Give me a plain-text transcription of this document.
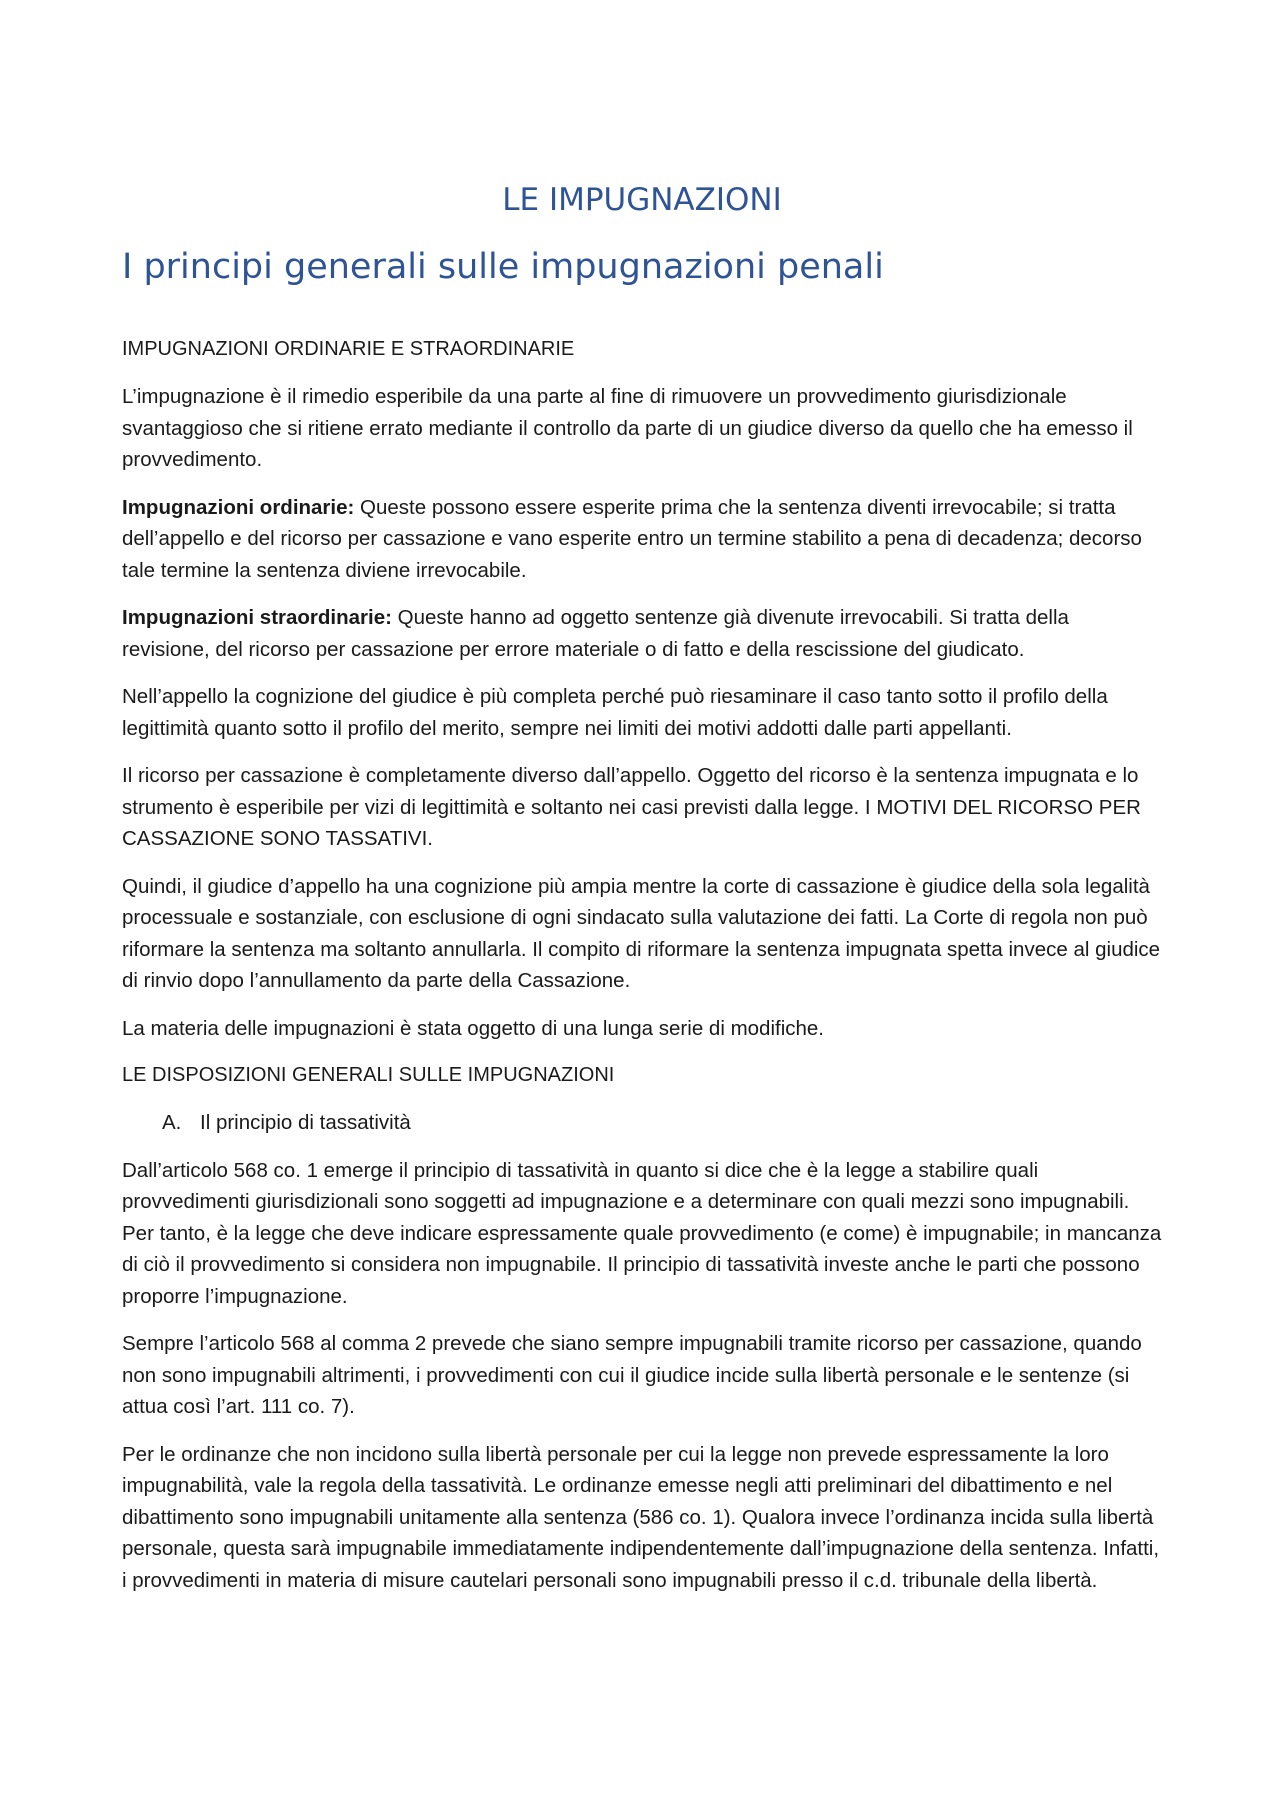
LE IMPUGNAZIONI
I principi generali sulle impugnazioni penali
IMPUGNAZIONI ORDINARIE E STRAORDINARIE

L’impugnazione è il rimedio esperibile da una parte al fine di rimuovere un provvedimento giurisdizionale svantaggioso che si ritiene errato mediante il controllo da parte di un giudice diverso da quello che ha emesso il provvedimento.

Impugnazioni ordinarie: Queste possono essere esperite prima che la sentenza diventi irrevocabile; si tratta dell’appello e del ricorso per cassazione e vano esperite entro un termine stabilito a pena di decadenza; decorso tale termine la sentenza diviene irrevocabile.

Impugnazioni straordinarie: Queste hanno ad oggetto sentenze già divenute irrevocabili. Si tratta della revisione, del ricorso per cassazione per errore materiale o di fatto e della rescissione del giudicato.

Nell’appello la cognizione del giudice è più completa perché può riesaminare il caso tanto sotto il profilo della legittimità quanto sotto il profilo del merito, sempre nei limiti dei motivi addotti dalle parti appellanti.

Il ricorso per cassazione è completamente diverso dall’appello. Oggetto del ricorso è la sentenza impugnata e lo strumento è esperibile per vizi di legittimità e soltanto nei casi previsti dalla legge. I MOTIVI DEL RICORSO PER CASSAZIONE SONO TASSATIVI.

Quindi, il giudice d’appello ha una cognizione più ampia mentre la corte di cassazione è giudice della sola legalità processuale e sostanziale, con esclusione di ogni sindacato sulla valutazione dei fatti. La Corte di regola non può riformare la sentenza ma soltanto annullarla. Il compito di riformare la sentenza impugnata spetta invece al giudice di rinvio dopo l’annullamento da parte della Cassazione.

La materia delle impugnazioni è stata oggetto di una lunga serie di modifiche.

LE DISPOSIZIONI GENERALI SULLE IMPUGNAZIONI
A. Il principio di tassatività

Dall’articolo 568 co. 1 emerge il principio di tassatività in quanto si dice che è la legge a stabilire quali provvedimenti giurisdizionali sono soggetti ad impugnazione e a determinare con quali mezzi sono impugnabili. Per tanto, è la legge che deve indicare espressamente quale provvedimento (e come) è impugnabile; in mancanza di ciò il provvedimento si considera non impugnabile. Il principio di tassatività investe anche le parti che possono proporre l’impugnazione.

Sempre l’articolo 568 al comma 2 prevede che siano sempre impugnabili tramite ricorso per cassazione, quando non sono impugnabili altrimenti, i provvedimenti con cui il giudice incide sulla libertà personale e le sentenze (si attua così l’art. 111 co. 7).

Per le ordinanze che non incidono sulla libertà personale per cui la legge non prevede espressamente la loro impugnabilità, vale la regola della tassatività. Le ordinanze emesse negli atti preliminari del dibattimento e nel dibattimento sono impugnabili unitamente alla sentenza (586 co. 1). Qualora invece l’ordinanza incida sulla libertà personale, questa sarà impugnabile immediatamente indipendentemente dall’impugnazione della sentenza. Infatti, i provvedimenti in materia di misure cautelari personali sono impugnabili presso il c.d. tribunale della libertà.
